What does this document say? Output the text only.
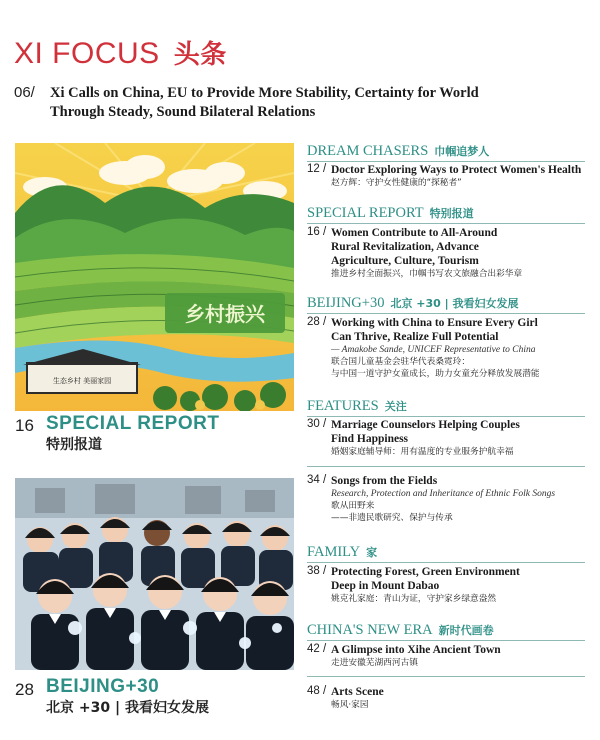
XI FOCUS 头条
06/ Xi Calls on China, EU to Provide More Stability, Certainty for World
Through Steady, Sound Bilateral Relations
乡村振兴
生态乡村 美丽家园
16 SPECIAL REPORT
特别报道
28 BEIJING+30
北京 +30 | 我看妇女发展
DREAM CHASERS 巾帼追梦人
12 / Doctor Exploring Ways to Protect Women's Health
赵方辉：守护女性健康的“探秘者”
SPECIAL REPORT 特别报道
16 / Women Contribute to All-Around
Rural Revitalization, Advance
Agriculture, Culture, Tourism
推进乡村全面振兴，巾帼书写农文旅融合出彩华章
BEIJING+30 北京 +30 | 我看妇女发展
28 / Working with China to Ensure Every Girl
Can Thrive, Realize Full Potential
— Amakobe Sande, UNICEF Representative to China
联合国儿童基金会驻华代表桑霓玲：
与中国一道守护女童成长，助力女童充分释放发展潜能
FEATURES 关注
30 / Marriage Counselors Helping Couples
Find Happiness
婚姻家庭辅导师：用有温度的专业服务护航幸福
34 / Songs from the Fields
Research, Protection and Inheritance of Ethnic Folk Songs
歌从田野来
——非遗民歌研究、保护与传承
FAMILY 家
38 / Protecting Forest, Green Environment
Deep in Mount Dabao
姚克礼家庭：青山为证，守护家乡绿意盎然
CHINA'S NEW ERA 新时代画卷
42 / A Glimpse into Xihe Ancient Town
走进安徽芜湖西河古镇
48 / Arts Scene
畅风·家园
